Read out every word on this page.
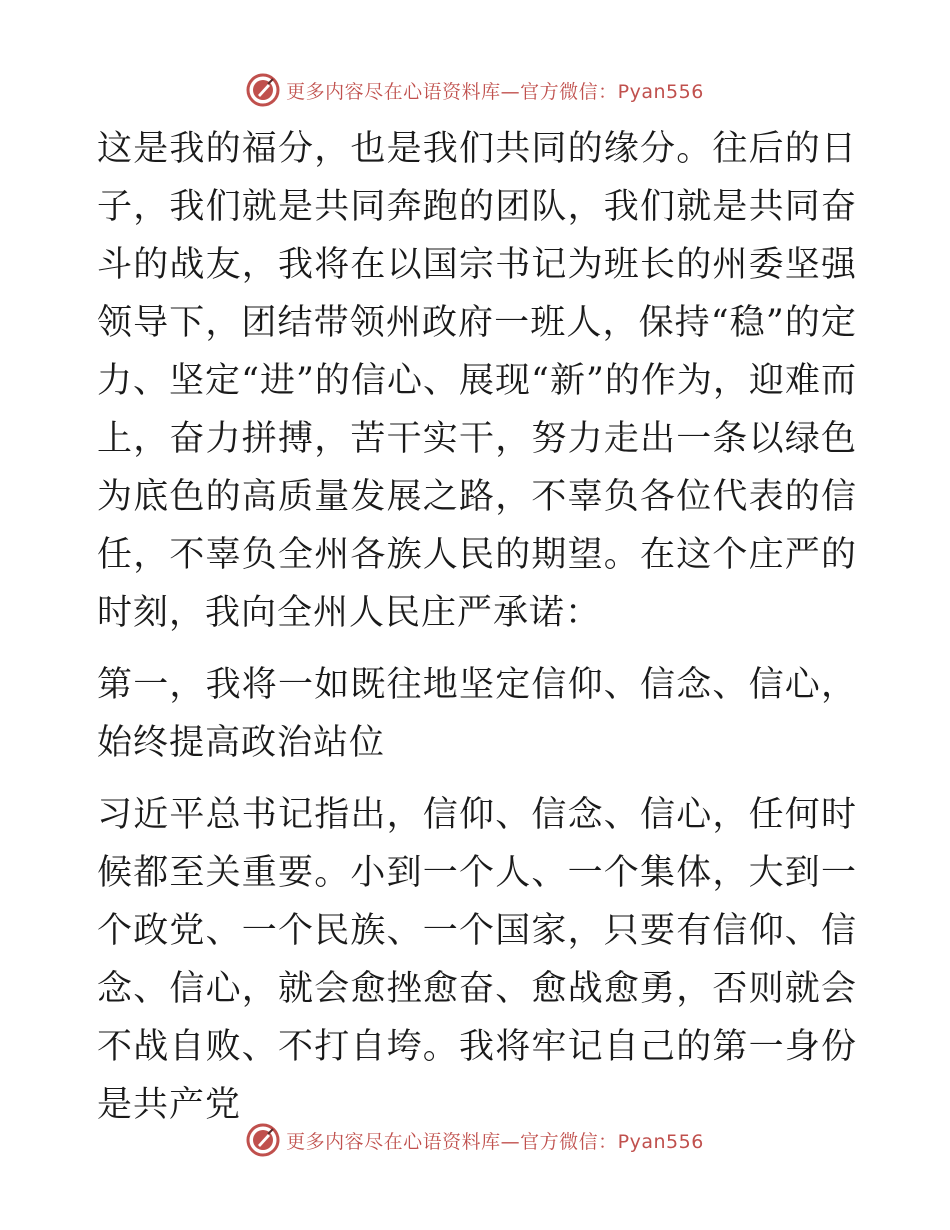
更多内容尽在心语资料库—官方微信：Pyan556

这是我的福分，也是我们共同的缘分。往后的日子，我们就是共同奔跑的团队，我们就是共同奋斗的战友，我将在以国宗书记为班长的州委坚强领导下，团结带领州政府一班人，保持“稳”的定力、坚定“进”的信心、展现“新”的作为，迎难而上，奋力拼搏，苦干实干，努力走出一条以绿色为底色的高质量发展之路，不辜负各位代表的信任，不辜负全州各族人民的期望。在这个庄严的时刻，我向全州人民庄严承诺：

第一，我将一如既往地坚定信仰、信念、信心，始终提高政治站位

习近平总书记指出，信仰、信念、信心，任何时候都至关重要。小到一个人、一个集体，大到一个政党、一个民族、一个国家，只要有信仰、信念、信心，就会愈挫愈奋、愈战愈勇，否则就会不战自败、不打自垮。我将牢记自己的第一身份是共产党

更多内容尽在心语资料库—官方微信：Pyan556
